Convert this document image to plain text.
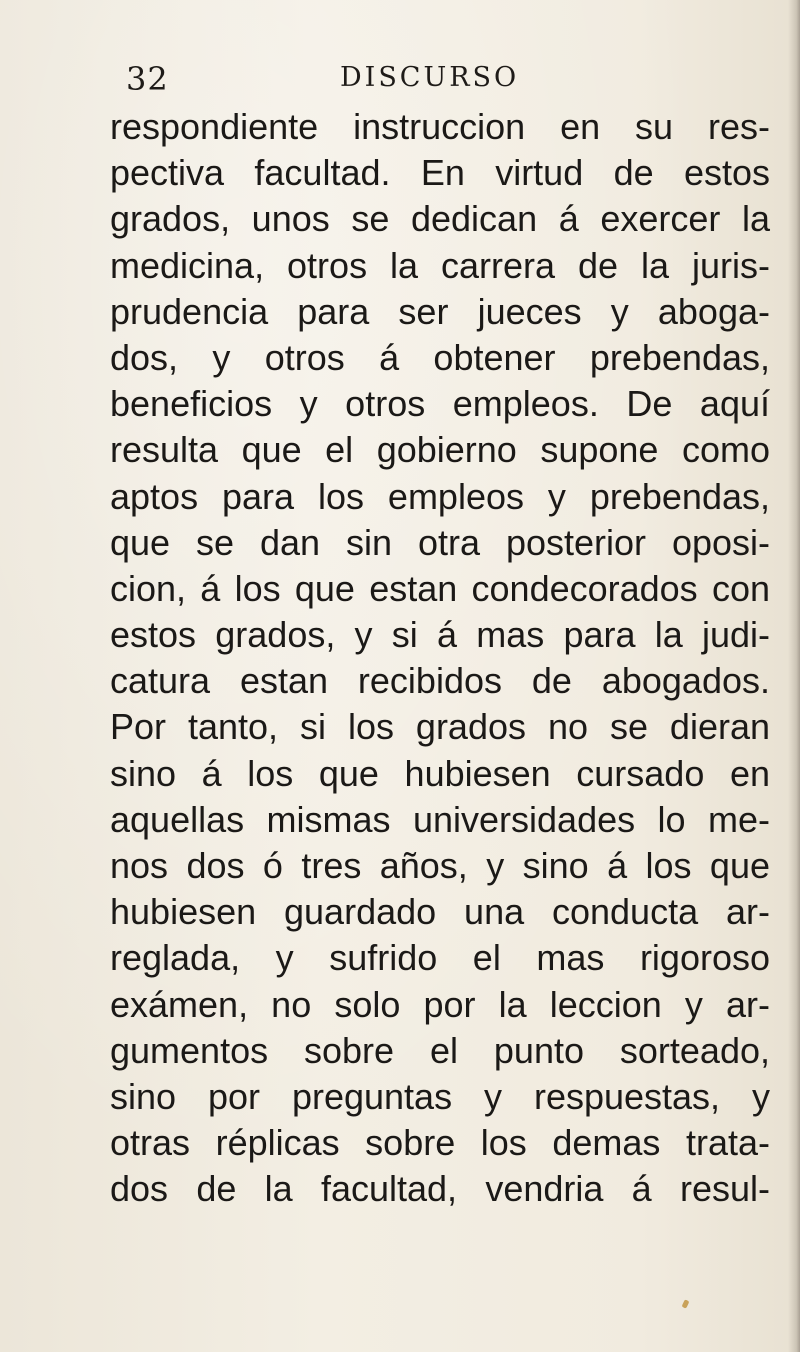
32	DISCURSO
respondiente instruccion en su res-
pectiva facultad. En virtud de estos
grados, unos se dedican á exercer la
medicina, otros la carrera de la juris-
prudencia para ser jueces y aboga-
dos, y otros á obtener prebendas,
beneficios y otros empleos. De aquí
resulta que el gobierno supone como
aptos para los empleos y prebendas,
que se dan sin otra posterior oposi-
cion, á los que estan condecorados con
estos grados, y si á mas para la judi-
catura estan recibidos de abogados.
Por tanto, si los grados no se dieran
sino á los que hubiesen cursado en
aquellas mismas universidades lo me-
nos dos ó tres años, y sino á los que
hubiesen guardado una conducta ar-
reglada, y sufrido el mas rigoroso
exámen, no solo por la leccion y ar-
gumentos sobre el punto sorteado,
sino por preguntas y respuestas, y
otras réplicas sobre los demas trata-
dos de la facultad, vendria á resul-
